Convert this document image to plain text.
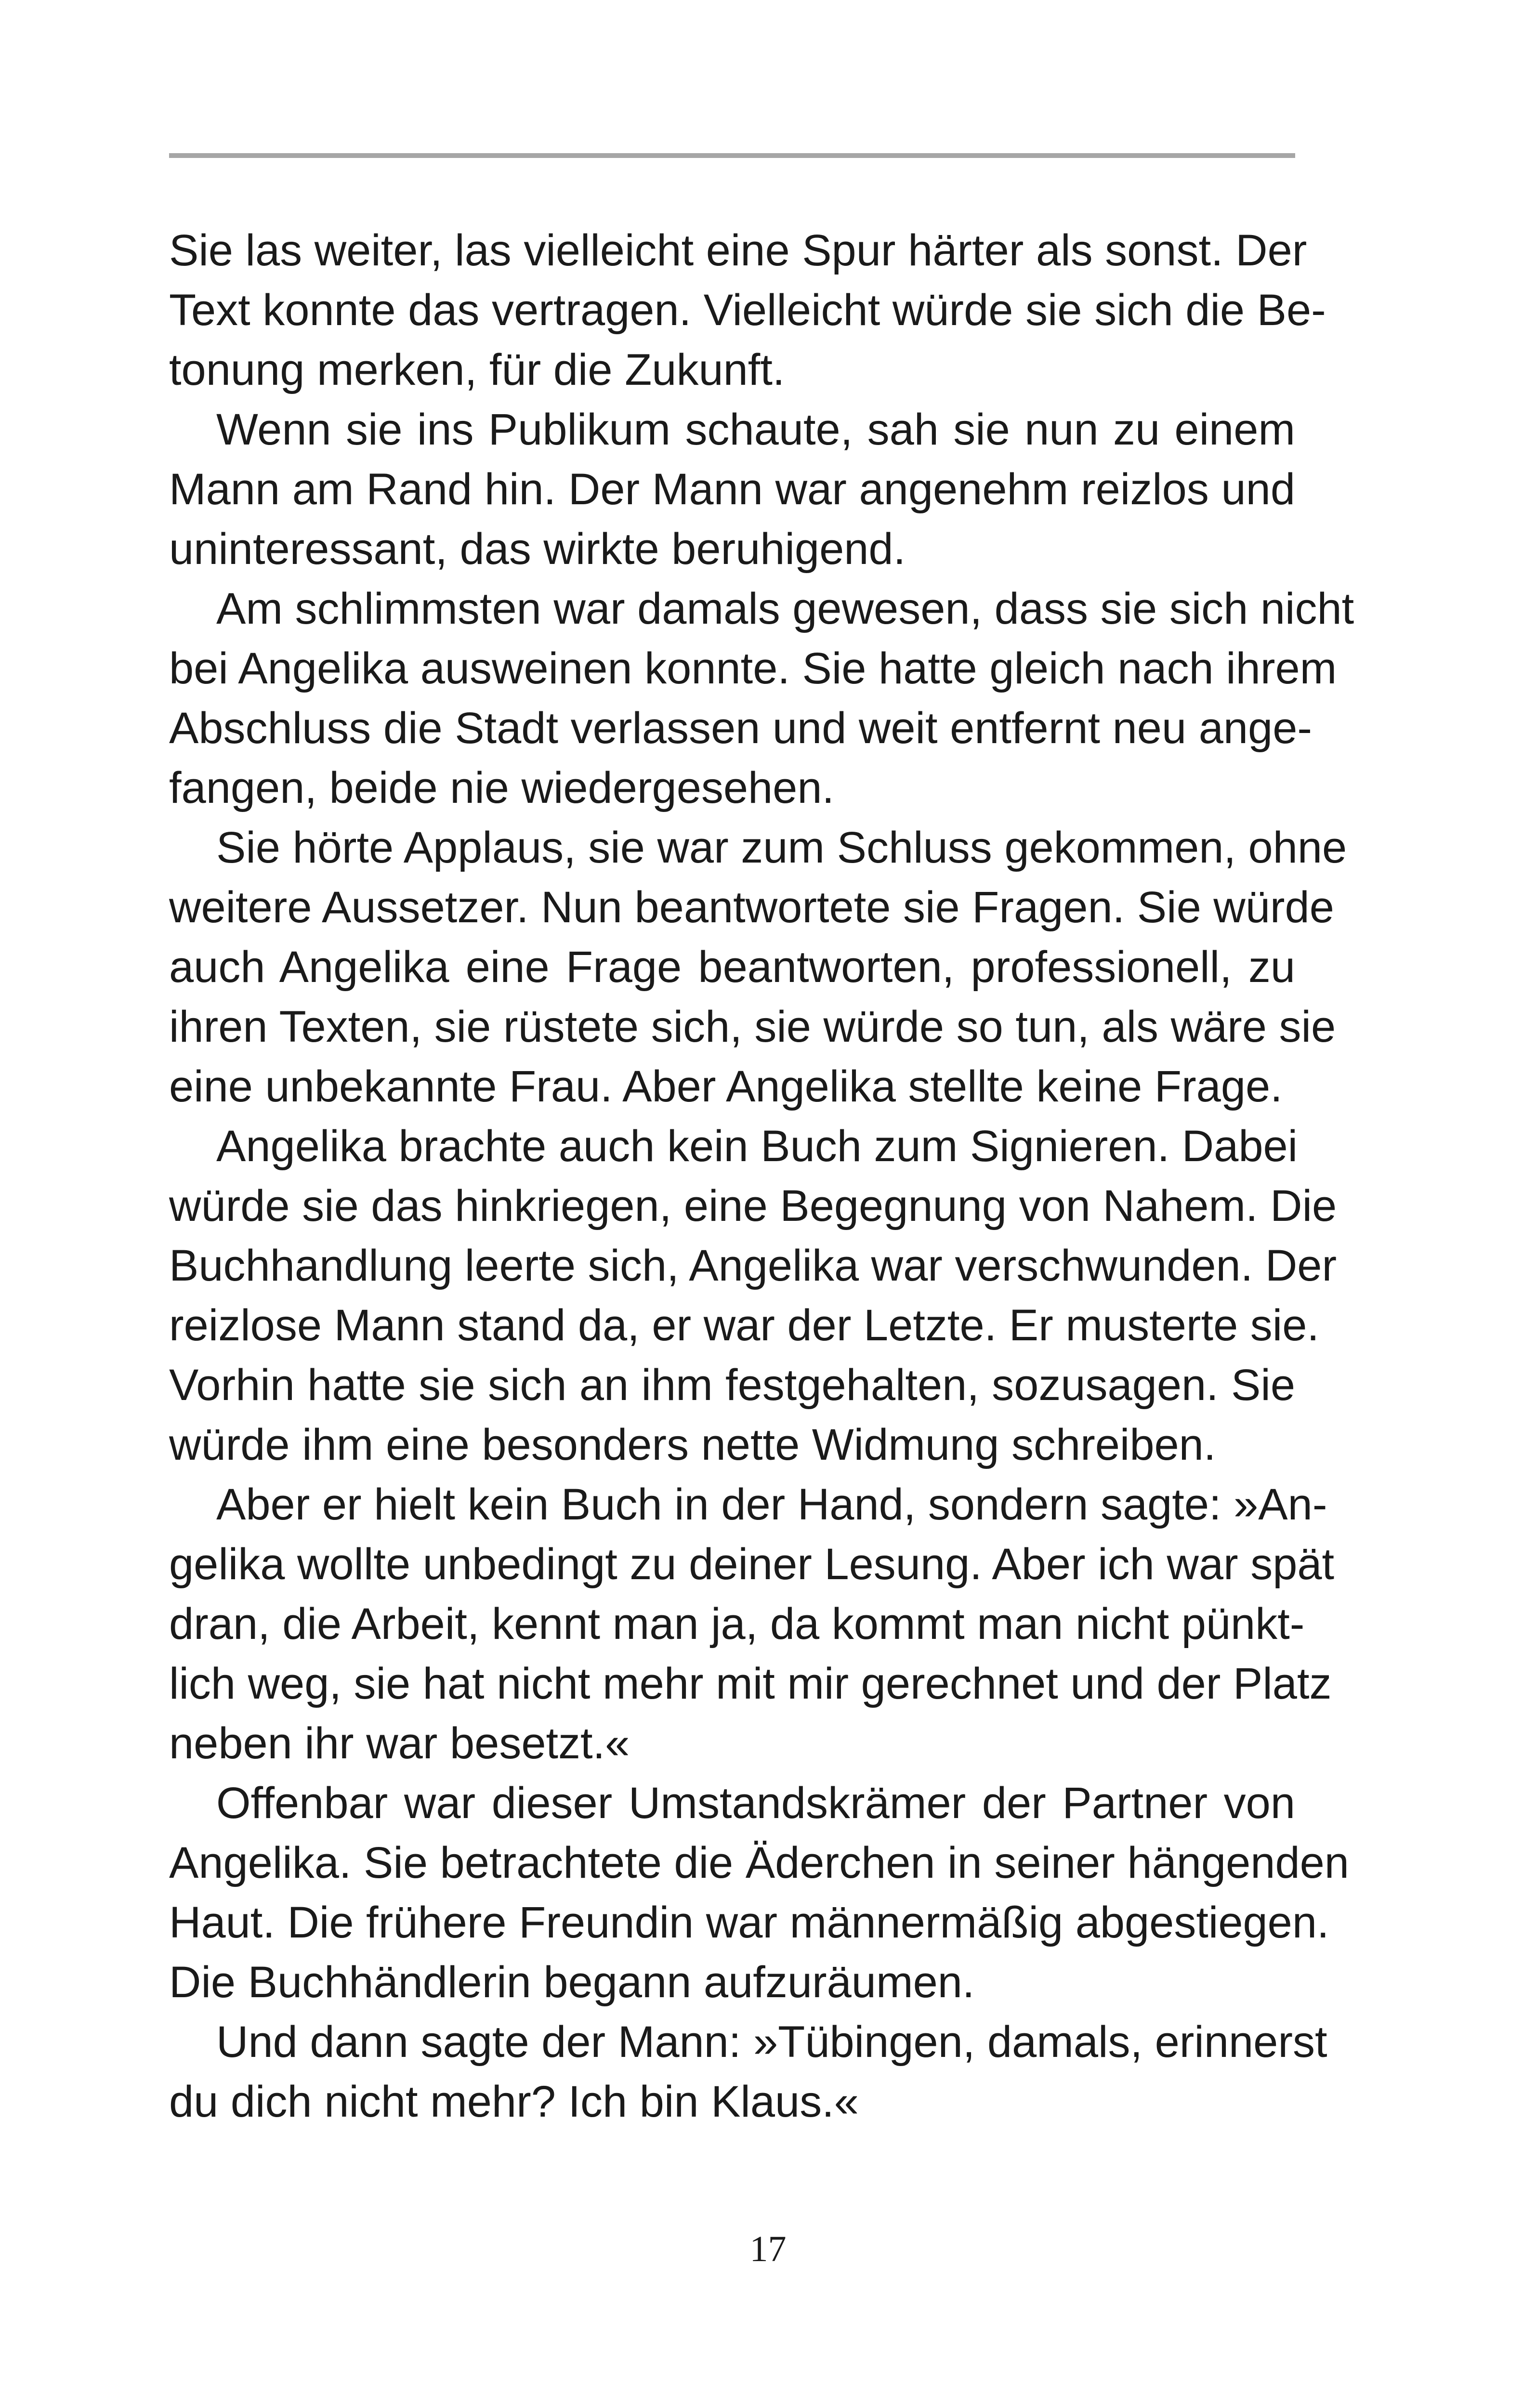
Sie las weiter, las vielleicht eine Spur härter als sonst. Der
Text konnte das vertragen. Vielleicht würde sie sich die Be-
tonung merken, für die Zukunft.
Wenn sie ins Publikum schaute, sah sie nun zu einem
Mann am Rand hin. Der Mann war angenehm reizlos und
uninteressant, das wirkte beruhigend.
Am schlimmsten war damals gewesen, dass sie sich nicht
bei Angelika ausweinen konnte. Sie hatte gleich nach ihrem
Abschluss die Stadt verlassen und weit entfernt neu ange-
fangen, beide nie wiedergesehen.
Sie hörte Applaus, sie war zum Schluss gekommen, ohne
weitere Aussetzer. Nun beantwortete sie Fragen. Sie würde
auch Angelika eine Frage beantworten, professionell, zu
ihren Texten, sie rüstete sich, sie würde so tun, als wäre sie
eine unbekannte Frau. Aber Angelika stellte keine Frage.
Angelika brachte auch kein Buch zum Signieren. Dabei
würde sie das hinkriegen, eine Begegnung von Nahem. Die
Buchhandlung leerte sich, Angelika war verschwunden. Der
reizlose Mann stand da, er war der Letzte. Er musterte sie.
Vorhin hatte sie sich an ihm festgehalten, sozusagen. Sie
würde ihm eine besonders nette Widmung schreiben.
Aber er hielt kein Buch in der Hand, sondern sagte: »An-
gelika wollte unbedingt zu deiner Lesung. Aber ich war spät
dran, die Arbeit, kennt man ja, da kommt man nicht pünkt-
lich weg, sie hat nicht mehr mit mir gerechnet und der Platz
neben ihr war besetzt.«
Offenbar war dieser Umstandskrämer der Partner von
Angelika. Sie betrachtete die Äderchen in seiner hängenden
Haut. Die frühere Freundin war männermäßig abgestiegen.
Die Buchhändlerin begann aufzuräumen.
Und dann sagte der Mann: »Tübingen, damals, erinnerst
du dich nicht mehr? Ich bin Klaus.«
17
